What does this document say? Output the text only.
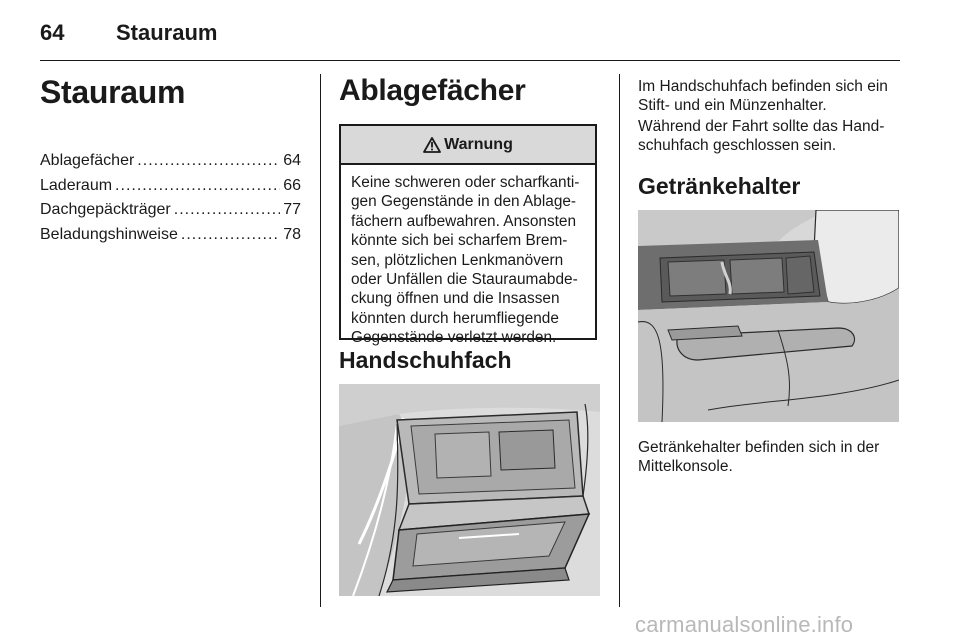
64 Stauraum
Stauraum
Ablagefächer .....	64
Laderaum .....	66
Dachgepäckträger .....	77
Beladungshinweise .....	78
Ablagefächer
Warnung
Keine schweren oder scharfkanti-
gen Gegenstände in den Ablage-
fächern aufbewahren. Ansonsten
könnte sich bei scharfem Brem-
sen, plötzlichen Lenkmanövern
oder Unfällen die Stauraumabde-
ckung öffnen und die Insassen
könnten durch herumfliegende
Gegenstände verletzt werden.
Handschuhfach
Im Handschuhfach befinden sich ein
Stift- und ein Münzenhalter.
Während der Fahrt sollte das Hand-
schuhfach geschlossen sein.
Getränkehalter
Getränkehalter befinden sich in der
Mittelkonsole.
carmanualsonline.info
